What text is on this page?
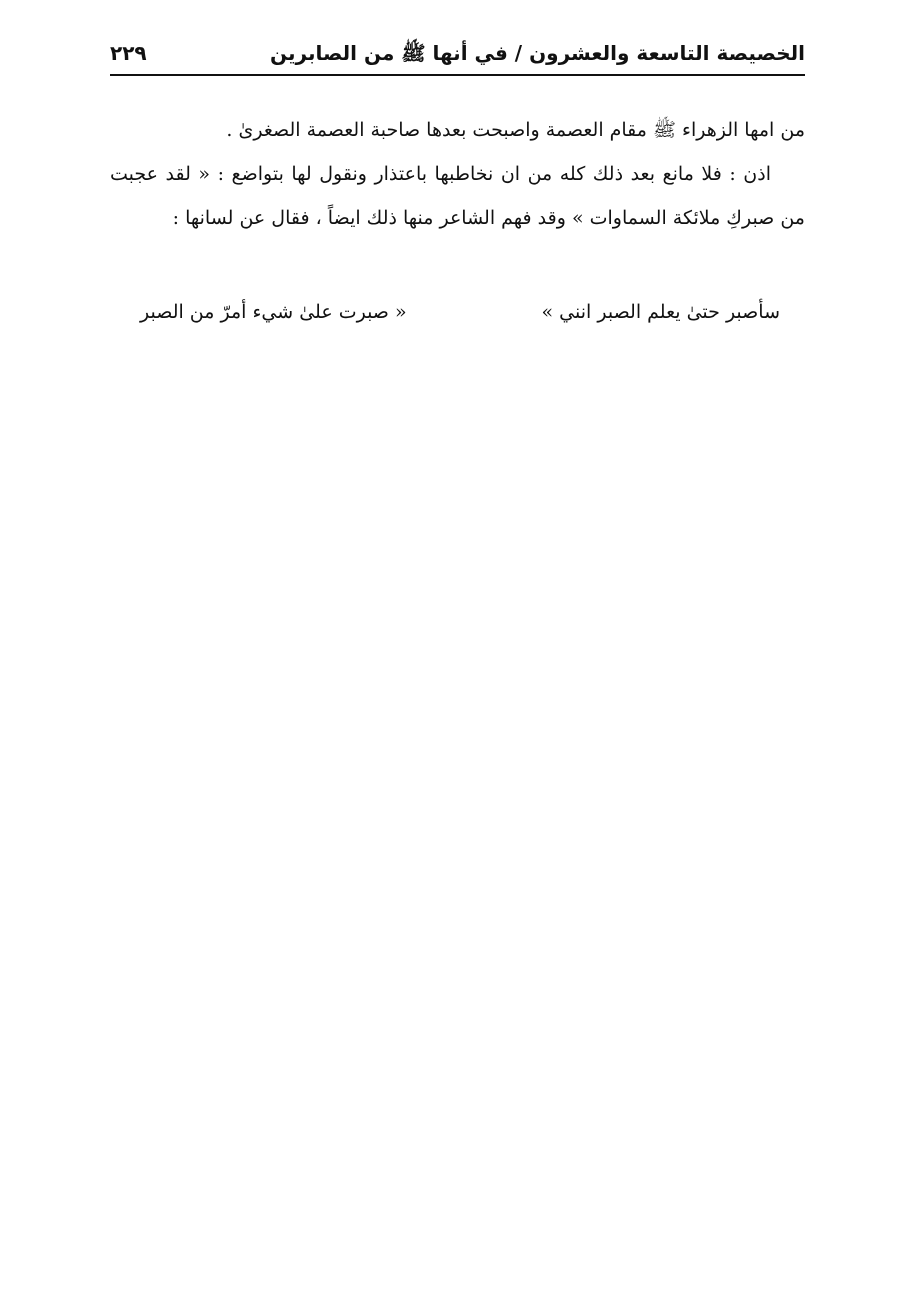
الخصيصة التاسعة والعشرون / في أنها ﷺ من الصابرين
٢٢٩

من امها الزهراء ﷺ مقام العصمة واصبحت بعدها صاحبة العصمة الصغرىٰ .

اذن : فلا مانع بعد ذلك كله من ان نخاطبها باعتذار ونقول لها بتواضع : « لقد عجبت من صبركِ ملائكة السماوات » وقد فهم الشاعر منها ذلك ايضاً ، فقال عن لسانها :

سأصبر حتىٰ يعلم الصبر انني »
« صبرت علىٰ شيء أمرّ من الصبر
